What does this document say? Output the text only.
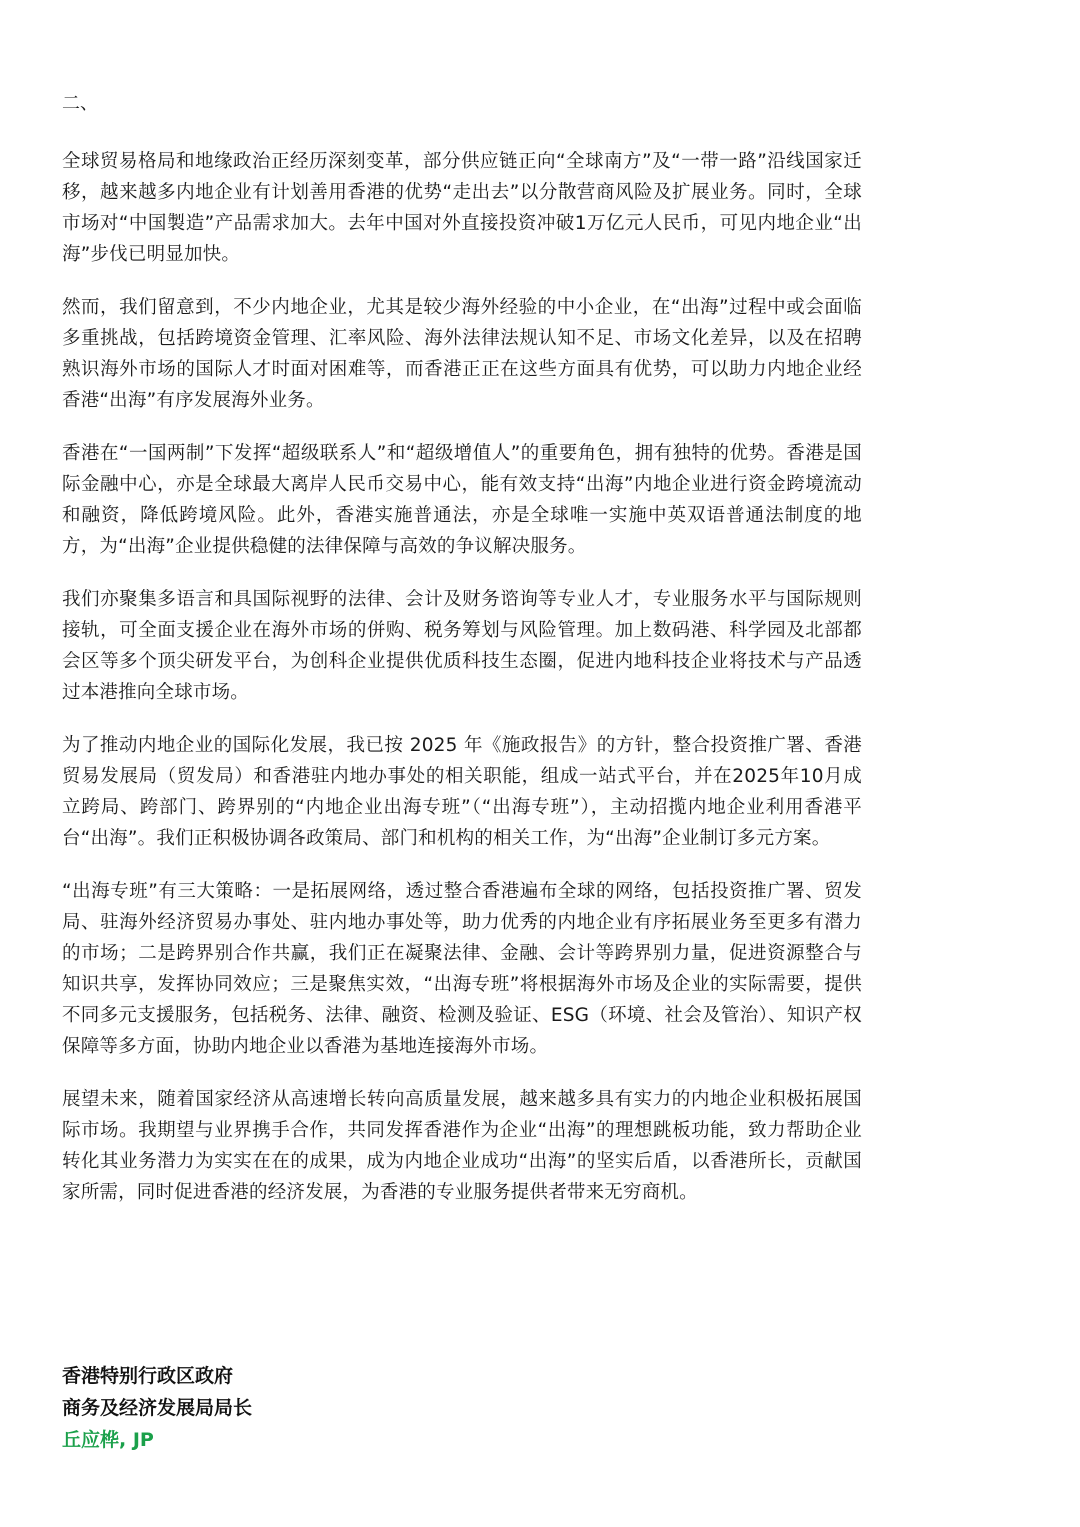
二、

全球贸易格局和地缘政治正经历深刻变革，部分供应链正向“全球南方”及“一带一路”沿线国家迁移，越来越多内地企业有计划善用香港的优势“走出去”以分散营商风险及扩展业务。同时，全球市场对“中国製造”产品需求加大。去年中国对外直接投资冲破1万亿元人民币，可见内地企业“出海”步伐已明显加快。

然而，我们留意到，不少内地企业，尤其是较少海外经验的中小企业，在“出海”过程中或会面临多重挑战，包括跨境资金管理、汇率风险、海外法律法规认知不足、市场文化差异，以及在招聘熟识海外市场的国际人才时面对困难等，而香港正正在这些方面具有优势，可以助力内地企业经香港“出海”有序发展海外业务。

香港在“一国两制”下发挥“超级联系人”和“超级增值人”的重要角色，拥有独特的优势。香港是国际金融中心，亦是全球最大离岸人民币交易中心，能有效支持“出海”内地企业进行资金跨境流动和融资，降低跨境风险。此外，香港实施普通法，亦是全球唯一实施中英双语普通法制度的地方，为“出海”企业提供稳健的法律保障与高效的争议解决服务。

我们亦聚集多语言和具国际视野的法律、会计及财务谘询等专业人才，专业服务水平与国际规则接轨，可全面支援企业在海外市场的併购、税务筹划与风险管理。加上数码港、科学园及北部都会区等多个顶尖研发平台，为创科企业提供优质科技生态圈，促进内地科技企业将技术与产品透过本港推向全球市场。

为了推动内地企业的国际化发展，我已按 2025 年《施政报告》的方针，整合投资推广署、香港贸易发展局（贸发局）和香港驻内地办事处的相关职能，组成一站式平台，并在2025年10月成立跨局、跨部门、跨界别的“内地企业出海专班”（“出海专班”），主动招揽内地企业利用香港平台“出海”。我们正积极协调各政策局、部门和机构的相关工作，为“出海”企业制订多元方案。

“出海专班”有三大策略：一是拓展网络，透过整合香港遍布全球的网络，包括投资推广署、贸发局、驻海外经济贸易办事处、驻内地办事处等，助力优秀的内地企业有序拓展业务至更多有潜力的市场；二是跨界别合作共赢，我们正在凝聚法律、金融、会计等跨界别力量，促进资源整合与知识共享，发挥协同效应；三是聚焦实效，“出海专班”将根据海外市场及企业的实际需要，提供不同多元支援服务，包括税务、法律、融资、检测及验证、ESG（环境、社会及管治）、知识产权保障等多方面，协助内地企业以香港为基地连接海外市场。

展望未来，随着国家经济从高速增长转向高质量发展，越来越多具有实力的内地企业积极拓展国际市场。我期望与业界携手合作，共同发挥香港作为企业“出海”的理想跳板功能，致力帮助企业转化其业务潜力为实实在在的成果，成为内地企业成功“出海”的坚实后盾，以香港所长，贡献国家所需，同时促进香港的经济发展，为香港的专业服务提供者带来无穷商机。

香港特别行政区政府
商务及经济发展局局长
丘应桦, JP
